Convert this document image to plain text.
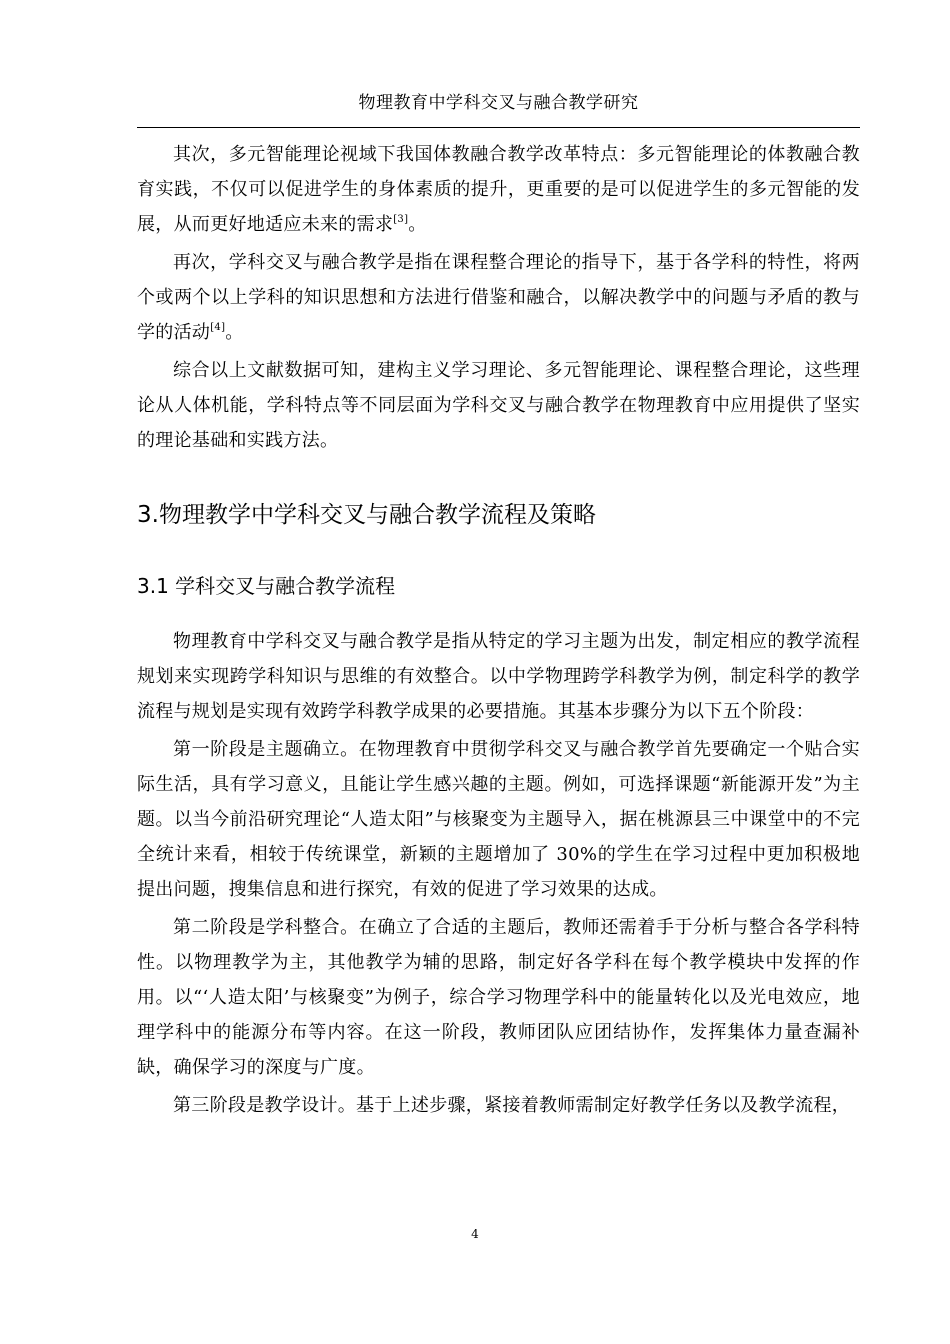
物理教育中学科交叉与融合教学研究

其次，多元智能理论视域下我国体教融合教学改革特点：多元智能理论的体教融合教育实践，不仅可以促进学生的身体素质的提升，更重要的是可以促进学生的多元智能的发展，从而更好地适应未来的需求[3]。

再次，学科交叉与融合教学是指在课程整合理论的指导下，基于各学科的特性，将两个或两个以上学科的知识思想和方法进行借鉴和融合，以解决教学中的问题与矛盾的教与学的活动[4]。

综合以上文献数据可知，建构主义学习理论、多元智能理论、课程整合理论，这些理论从人体机能，学科特点等不同层面为学科交叉与融合教学在物理教育中应用提供了坚实的理论基础和实践方法。

3.物理教学中学科交叉与融合教学流程及策略
3.1 学科交叉与融合教学流程

物理教育中学科交叉与融合教学是指从特定的学习主题为出发，制定相应的教学流程规划来实现跨学科知识与思维的有效整合。以中学物理跨学科教学为例，制定科学的教学流程与规划是实现有效跨学科教学成果的必要措施。其基本步骤分为以下五个阶段：

第一阶段是主题确立。在物理教育中贯彻学科交叉与融合教学首先要确定一个贴合实际生活，具有学习意义，且能让学生感兴趣的主题。例如，可选择课题“新能源开发”为主题。以当今前沿研究理论“人造太阳”与核聚变为主题导入，据在桃源县三中课堂中的不完全统计来看，相较于传统课堂，新颖的主题增加了 30%的学生在学习过程中更加积极地提出问题，搜集信息和进行探究，有效的促进了学习效果的达成。

第二阶段是学科整合。在确立了合适的主题后，教师还需着手于分析与整合各学科特性。以物理教学为主，其他教学为辅的思路，制定好各学科在每个教学模块中发挥的作用。以“‘人造太阳’与核聚变”为例子，综合学习物理学科中的能量转化以及光电效应，地理学科中的能源分布等内容。在这一阶段，教师团队应团结协作，发挥集体力量查漏补缺，确保学习的深度与广度。

第三阶段是教学设计。基于上述步骤，紧接着教师需制定好教学任务以及教学流程，

4
